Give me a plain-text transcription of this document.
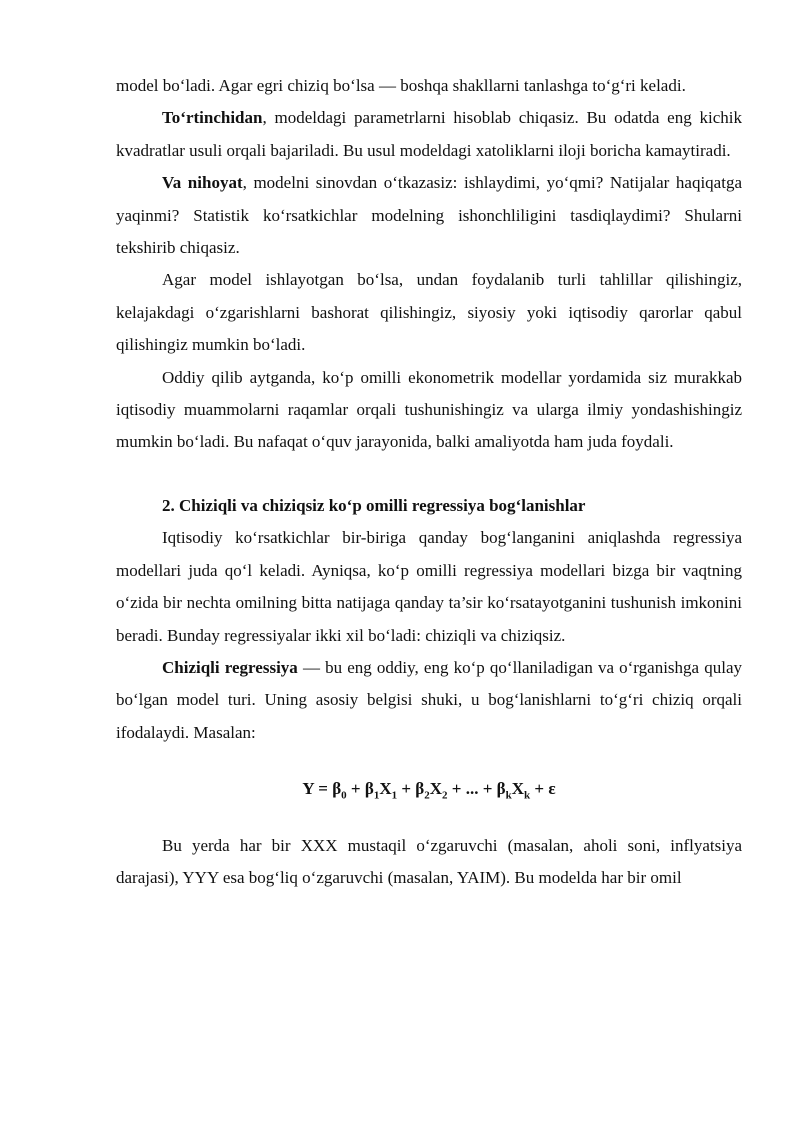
model bo‘ladi. Agar egri chiziq bo‘lsa — boshqa shakllarni tanlashga to‘g‘ri keladi.

To‘rtinchidan, modeldagi parametrlarni hisoblab chiqasiz. Bu odatda eng kichik kvadratlar usuli orqali bajariladi. Bu usul modeldagi xatoliklarni iloji boricha kamaytiradi.

Va nihoyat, modelni sinovdan o‘tkazasiz: ishlaydimi, yo‘qmi? Natijalar haqiqatga yaqinmi? Statistik ko‘rsatkichlar modelning ishonchliligini tasdiqlaydimi? Shularni tekshirib chiqasiz.

Agar model ishlayotgan bo‘lsa, undan foydalanib turli tahlillar qilishingiz, kelajakdagi o‘zgarishlarni bashorat qilishingiz, siyosiy yoki iqtisodiy qarorlar qabul qilishingiz mumkin bo‘ladi.

Oddiy qilib aytganda, ko‘p omilli ekonometrik modellar yordamida siz murakkab iqtisodiy muammolarni raqamlar orqali tushunishingiz va ularga ilmiy yondashishingiz mumkin bo‘ladi. Bu nafaqat o‘quv jarayonida, balki amaliyotda ham juda foydali.

2. Chiziqli va chiziqsiz ko‘p omilli regressiya bog‘lanishlar

Iqtisodiy ko‘rsatkichlar bir-biriga qanday bog‘langanini aniqlashda regressiya modellari juda qo‘l keladi. Ayniqsa, ko‘p omilli regressiya modellari bizga bir vaqtning o‘zida bir nechta omilning bitta natijaga qanday ta’sir ko‘rsatayotganini tushunish imkonini beradi. Bunday regressiyalar ikki xil bo‘ladi: chiziqli va chiziqsiz.

Chiziqli regressiya — bu eng oddiy, eng ko‘p qo‘llaniladigan va o‘rganishga qulay bo‘lgan model turi. Uning asosiy belgisi shuki, u bog‘lanishlarni to‘g‘ri chiziq orqali ifodalaydi. Masalan:

$Y = \beta_0 + \beta_1X_1 + \beta_2X_2$ + ... + $\beta_kX_k + \varepsilon$

Bu yerda har bir XXX mustaqil o‘zgaruvchi (masalan, aholi soni, inflyatsiya darajasi), YYY esa bog‘liq o‘zgaruvchi (masalan, YAIM). Bu modelda har bir omil
